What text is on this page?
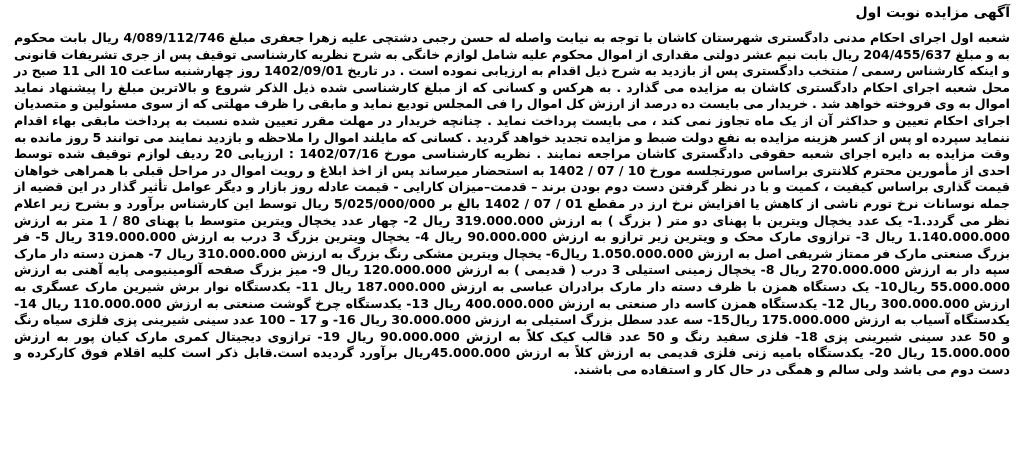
آگهی مزایده نوبت اول

شعبه اول اجرای احکام مدنی دادگستری شهرستان کاشان با توجه به نیابت واصله له حسن رجبی دشتچی علیه زهرا جعفری مبلغ 4/089/112/746 ریال بابت محکوم به و مبلغ 204/455/637 ریال بابت نیم عشر دولتی مقداری از اموال محکوم علیه شامل لوازم خانگی به شرح نظریه کارشناسی توقیف پس از جری تشریفات قانونی و اینکه کارشناس رسمی / منتخب دادگستری پس از بازدید به شرح ذیل اقدام به ارزیابی نموده است . در تاریخ 1402/09/01 روز چهارشنبه ساعت 10 الی 11 صبح در محل شعبه اجرای احکام دادگستری کاشان به مزایده می گذارد . به هرکس و کسانی که از مبلغ کارشناسی شده ذیل الذکر شروع و بالاترین مبلغ را پیشنهاد نماید اموال به وی فروخته خواهد شد . خریدار می بایست ده درصد از ارزش کل اموال را فی المجلس تودیع نماید و مابقی را ظرف مهلتی که از سوی مسئولین و متصدیان اجرای احکام تعیین و حداکثر آن از یک ماه تجاوز نمی کند ، می بایست پرداخت نماید . چنانچه خریدار در مهلت مقرر تعیین شده نسبت به پرداخت مابقی بهاء اقدام ننماید سپرده او پس از کسر هزینه مزایده به نفع دولت ضبط و مزایده تجدید خواهد گردید . کسانی که مایلند اموال را ملاحظه و بازدید نمایند می توانند 5 روز مانده به وقت مزایده به دایره اجرای شعبه حقوقی دادگستری کاشان مراجعه نمایند . نظریه کارشناسی مورخ 1402/07/16 : ارزیابی 20 ردیف لوازم توقیف شده توسط احدی از مأمورین محترم کلانتری براساس صورتجلسه مورخ 10 / 07 / 1402 به استحضار میرساند پس از اخذ ابلاغ و رویت اموال در مراحل قبلی با همراهی خواهان قیمت گذاری براساس کیفیت ، کمیت و با در نظر گرفتن دست دوم بودن برند – قدمت–میزان کارایی - قیمت عادله روز بازار و دیگر عوامل تأثیر گذار در این قضیه از جمله نوسانات نرخ تورم ناشی از کاهش یا افزایش نرخ ارز در مقطع 01 / 07 / 1402 بالغ بر 5/025/000/000 ریال توسط این کارشناس برآورد و بشرح زیر اعلام نظر می گردد.1- یک عدد یخچال ویترین با پهنای دو متر ( بزرگ ) به ارزش 319.000.000 ریال 2- چهار عدد یخچال ویترین متوسط با پهنای 80 / 1 متر به ارزش 1.140.000.000 ریال 3- ترازوی مارک محک و ویترین زیر ترازو به ارزش 90.000.000 ریال 4- یخچال ویترین بزرگ 3 درب به ارزش 319.000.000 ریال 5- فر بزرگ صنعتی مارک فر ممتاز شریفی اصل به ارزش 1.050.000.000 ریال6- یخچال ویترین مشکی رنگ بزرگ به ارزش 310.000.000 ریال 7- همزن دسته دار مارک سپه دار به ارزش 270.000.000 ریال 8- یخچال زمینی استیلی 3 درب ( قدیمی ) به ارزش 120.000.000 ریال 9- میز بزرگ صفحه آلومینیومی پایه آهنی به ارزش 55.000.000 ریال10- یک دستگاه همزن با ظرف دسته دار مارک برادران عباسی به ارزش 187.000.000 ریال 11- یکدستگاه نوار برش شیرین مارک عسگری به ارزش 300.000.000 ریال 12- یکدستگاه همزن کاسه دار صنعتی به ارزش 400.000.000 ریال 13- یکدستگاه چرخ گوشت صنعتی به ارزش 110.000.000 ریال 14- یکدستگاه آسیاب به ارزش 175.000.000 ریال15- سه عدد سطل بزرگ استیلی به ارزش 30.000.000 ریال 16- و 17 – 100 عدد سینی شیرینی پزی فلزی سیاه رنگ و 50 عدد سینی شیرینی پزی 18- فلزی سفید رنگ و 50 عدد قالب کیک کلاً به ارزش 90.000.000 ریال 19- ترازوی دیجیتال کمری مارک کیان پور به ارزش 15.000.000 ریال 20- یکدستگاه بامیه زنی فلزی قدیمی به ارزش کلاً به ارزش 45.000.000ریال برآورد گردیده است.قابل ذکر است کلیه اقلام فوق کارکرده و دست دوم می باشد ولی سالم و همگی در حال کار و استفاده می باشند.
